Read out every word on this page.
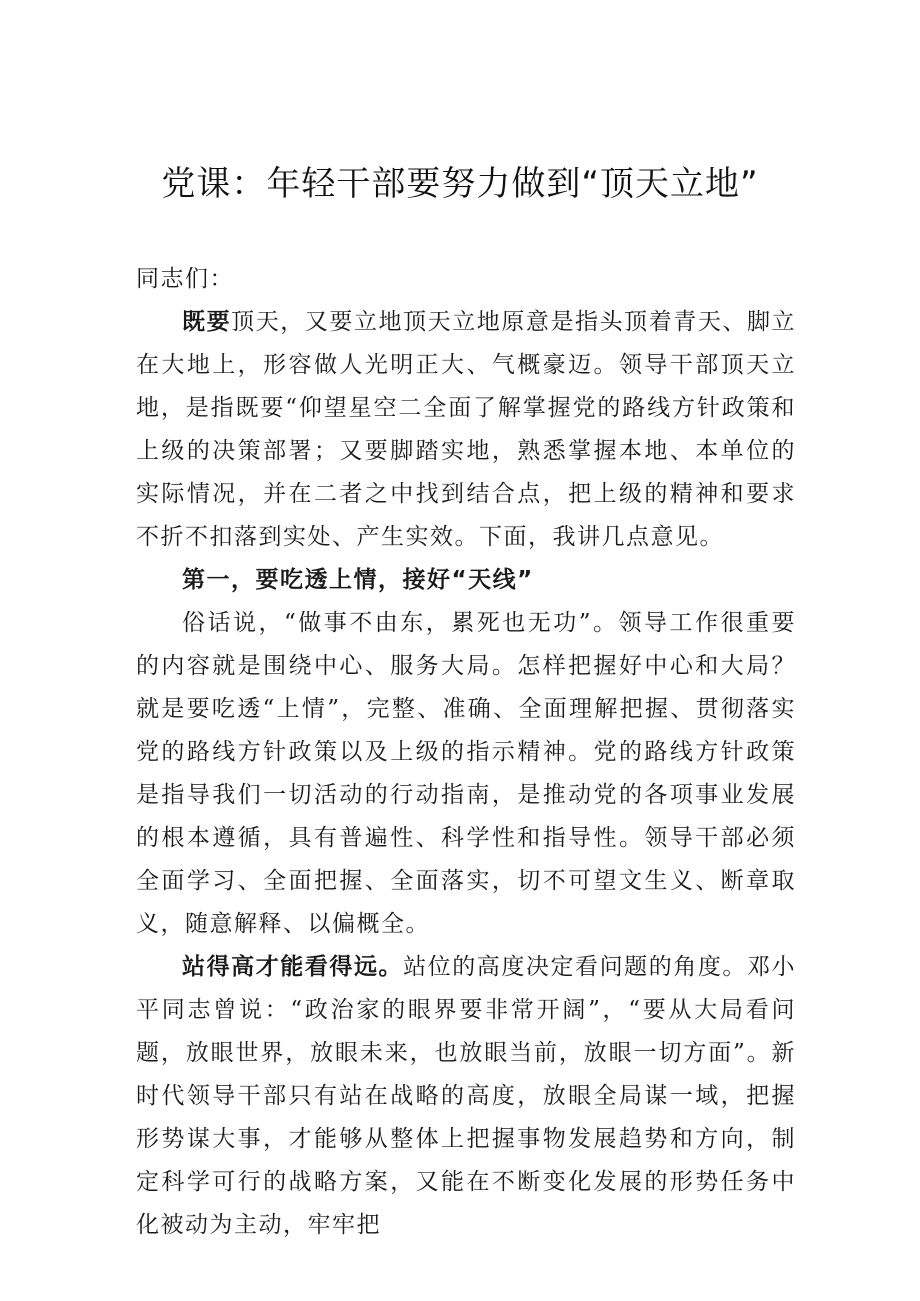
党课：年轻干部要努力做到“顶天立地”

同志们：

既要顶天，又要立地顶天立地原意是指头顶着青天、脚立在大地上，形容做人光明正大、气概豪迈。领导干部顶天立地，是指既要“仰望星空二全面了解掌握党的路线方针政策和上级的决策部署；又要脚踏实地，熟悉掌握本地、本单位的实际情况，并在二者之中找到结合点，把上级的精神和要求不折不扣落到实处、产生实效。下面，我讲几点意见。

第一，要吃透上情，接好“天线”

俗话说，“做事不由东，累死也无功”。领导工作很重要的内容就是围绕中心、服务大局。怎样把握好中心和大局？就是要吃透“上情”，完整、准确、全面理解把握、贯彻落实党的路线方针政策以及上级的指示精神。党的路线方针政策是指导我们一切活动的行动指南，是推动党的各项事业发展的根本遵循，具有普遍性、科学性和指导性。领导干部必须全面学习、全面把握、全面落实，切不可望文生义、断章取义，随意解释、以偏概全。

站得高才能看得远。站位的高度决定看问题的角度。邓小平同志曾说：“政治家的眼界要非常开阔”，“要从大局看问题，放眼世界，放眼未来，也放眼当前，放眼一切方面”。新时代领导干部只有站在战略的高度，放眼全局谋一域，把握形势谋大事，才能够从整体上把握事物发展趋势和方向，制定科学可行的战略方案，又能在不断变化发展的形势任务中化被动为主动，牢牢把
